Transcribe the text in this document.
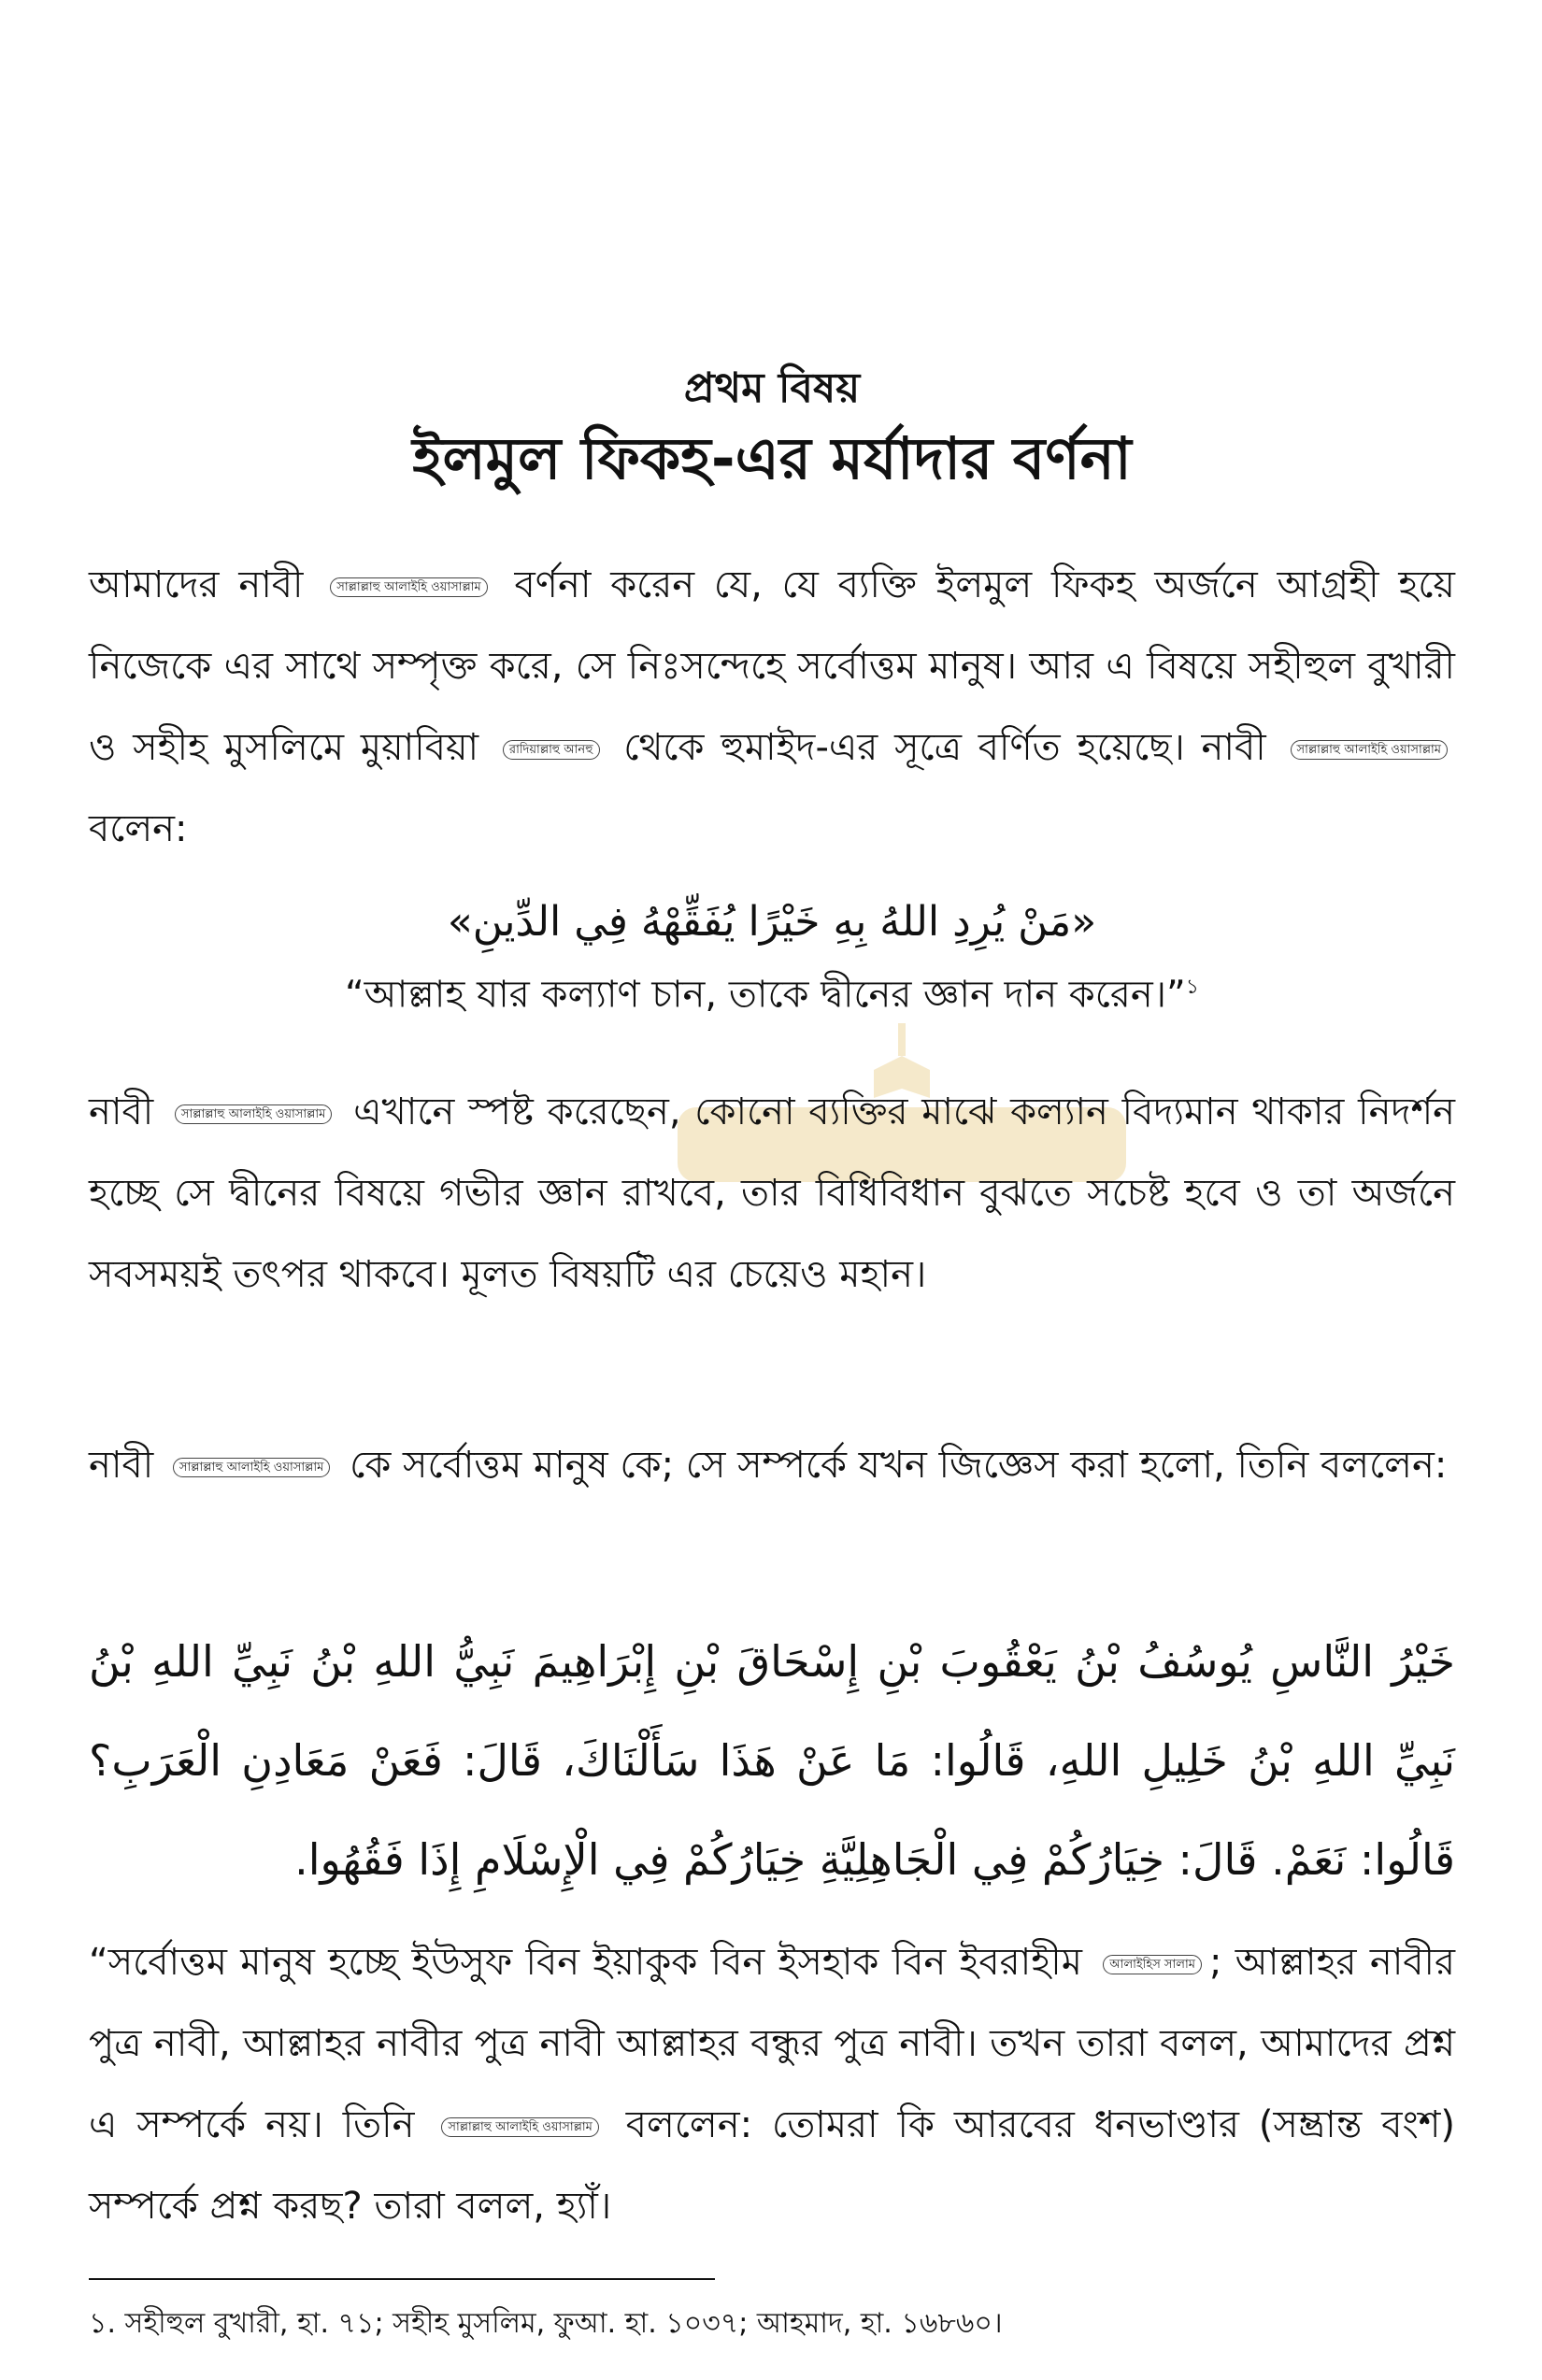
প্রথম বিষয়
ইলমুল ফিকহ-এর মর্যাদার বর্ণনা

আমাদের নাবী	সাল্লাল্লাহু আলাইহি ওয়াসাল্লাম বর্ণনা করেন যে, যে ব্যক্তি ইলমুল ফিকহ অর্জনে আগ্রহী হয়ে নিজেকে এর সাথে সম্পৃক্ত করে, সে নিঃসন্দেহে সর্বোত্তম মানুষ। আর এ বিষয়ে সহীহুল বুখারী ও সহীহ মুসলিমে মুয়াবিয়া	রাদিয়াল্লাহু আনহু থেকে হুমাইদ-এর সূত্রে বর্ণিত হয়েছে। নাবী	সাল্লাল্লাহু আলাইহি ওয়াসাল্লাম বলেন:

«مَنْ يُرِدِ اللهُ بِهِ خَيْرًا يُفَقِّهْهُ فِي الدِّينِ»

“আল্লাহ যার কল্যাণ চান, তাকে দ্বীনের জ্ঞান দান করেন।”$^১$

নাবী সাল্লাল্লাহু আলাইহি ওয়াসাল্লাম এখানে স্পষ্ট করেছেন, কোনো ব্যক্তির মাঝে কল্যান বিদ্যমান থাকার নিদর্শন হচ্ছে সে দ্বীনের বিষয়ে গভীর জ্ঞান রাখবে, তার বিধিবিধান বুঝতে সচেষ্ট হবে ও তা অর্জনে সবসময়ই তৎপর থাকবে। মূলত বিষয়টি এর চেয়েও মহান।

নাবী সাল্লাল্লাহু আলাইহি ওয়াসাল্লাম কে সর্বোত্তম মানুষ কে; সে সম্পর্কে যখন জিজ্ঞেস করা হলো, তিনি বললেন:

خَيْرُ النَّاسِ يُوسُفُ بْنُ يَعْقُوبَ بْنِ إِسْحَاقَ بْنِ إِبْرَاهِيمَ نَبِيُّ اللهِ بْنُ نَبِيِّ اللهِ بْنُ نَبِيِّ اللهِ بْنُ خَلِيلِ اللهِ، قَالُوا: مَا عَنْ هَذَا سَأَلْنَاكَ، قَالَ: فَعَنْ مَعَادِنِ الْعَرَبِ؟ قَالُوا: نَعَمْ. قَالَ: خِيَارُكُمْ فِي الْجَاهِلِيَّةِ خِيَارُكُمْ فِي الْإِسْلَامِ إِذَا فَقُهُوا.

“সর্বোত্তম মানুষ হচ্ছে ইউসুফ বিন ইয়াকুক বিন ইসহাক বিন ইবরাহীম আলাইহিস সালাম ; আল্লাহর নাবীর পুত্র নাবী, আল্লাহর নাবীর পুত্র নাবী আল্লাহর বন্ধুর পুত্র নাবী। তখন তারা বলল, আমাদের প্রশ্ন এ সম্পর্কে নয়। তিনি	সাল্লাল্লাহু আলাইহি ওয়াসাল্লাম বললেন: তোমরা কি আরবের ধনভাণ্ডার (সম্ভ্রান্ত বংশ) সম্পর্কে প্রশ্ন করছ? তারা বলল, হ্যাঁ।

১. সহীহুল বুখারী, হা. ৭১; সহীহ মুসলিম, ফুআ. হা. ১০৩৭; আহমাদ, হা. ১৬৮৬০।
